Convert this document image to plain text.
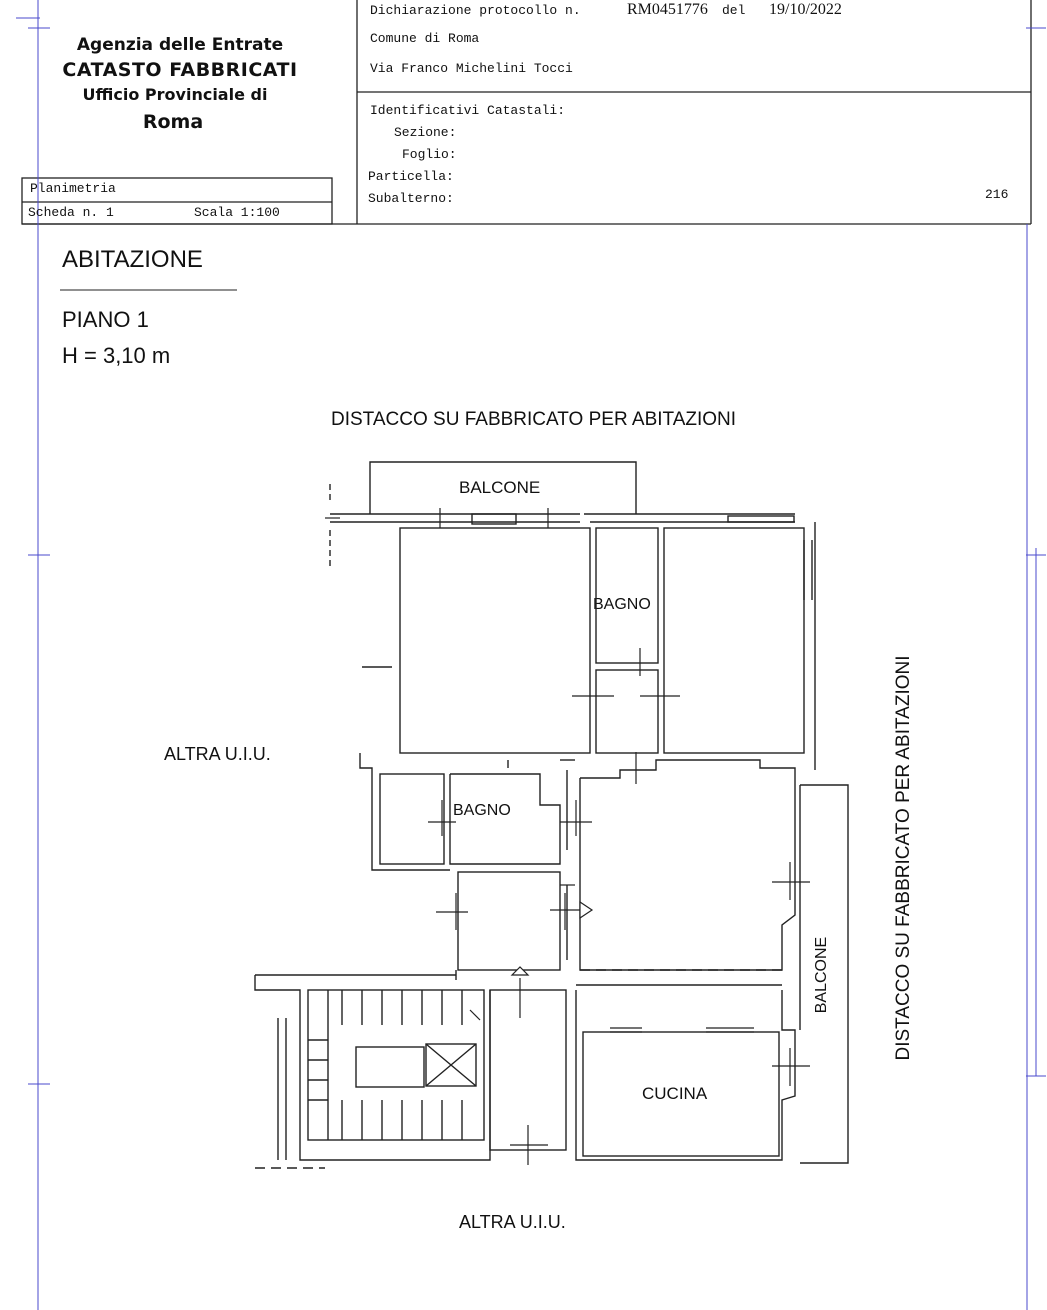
Agenzia delle Entrate
CATASTO FABBRICATI
Ufficio Provinciale di
Roma
Planimetria
Scheda n. 1	Scala 1:100
Dichiarazione protocollo n.	RM0451776 del 19/10/2022
Comune di Roma
Via Franco Michelini Tocci
Identificativi Catastali:
Sezione:
Foglio:
Particella:
Subalterno:	216
ABITAZIONE
PIANO 1
H = 3,10 m
DISTACCO SU FABBRICATO PER ABITAZIONI
ALTRA U.I.U.
ALTRA U.I.U.
DISTACCO SU FABBRICATO PER ABITAZIONI
BALCONE
BAGNO
BAGNO
CUCINA
BALCONE
